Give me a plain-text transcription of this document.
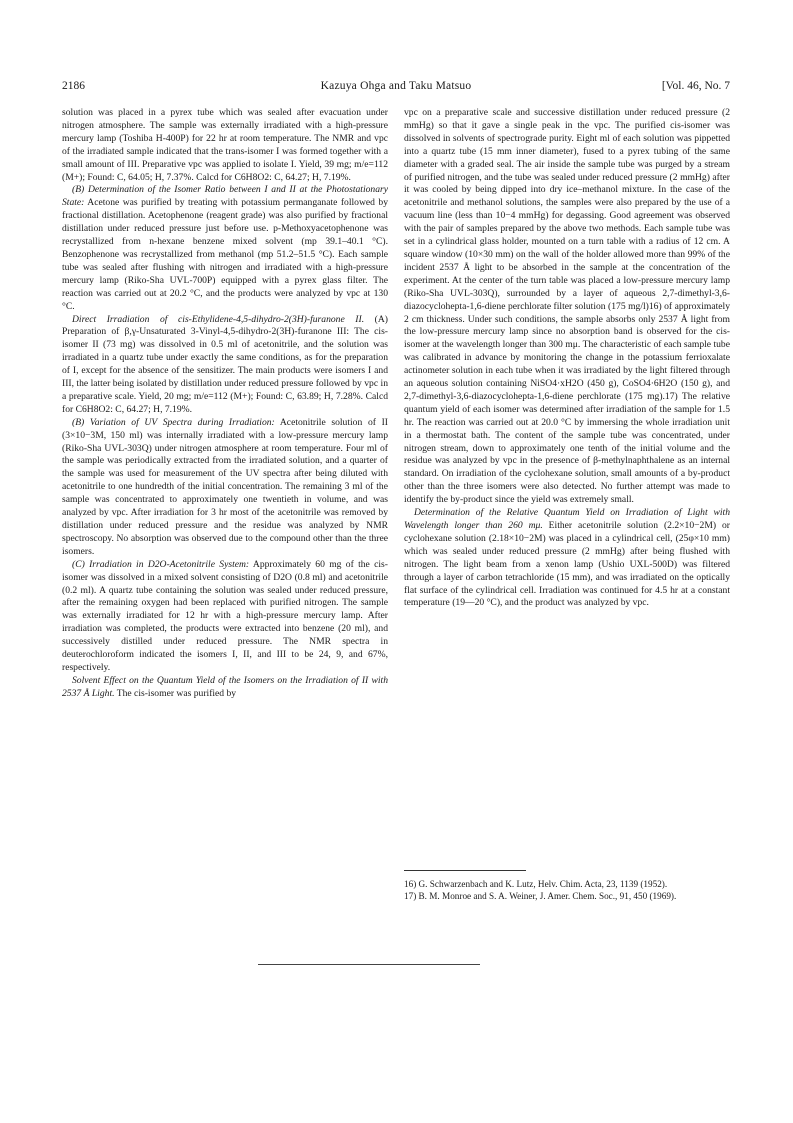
2186	Kazuya Ohga and Taku Matsuo	[Vol. 46, No. 7

solution was placed in a pyrex tube which was sealed after evacuation under nitrogen atmosphere. The sample was externally irradiated with a high-pressure mercury lamp (Toshiba H-400P) for 22 hr at room temperature. The NMR and vpc of the irradiated sample indicated that the trans-isomer I was formed together with a small amount of III. Preparative vpc was applied to isolate I. Yield, 39 mg; m/e=112 (M+); Found: C, 64.05; H, 7.37%. Calcd for C6H8O2: C, 64.27; H, 7.19%.

(B) Determination of the Isomer Ratio between I and II at the Photostationary State: Acetone was purified by treating with potassium permanganate followed by fractional distillation. Acetophenone (reagent grade) was also purified by fractional distillation under reduced pressure just before use. p-Methoxyacetophenone was recrystallized from n-hexane benzene mixed solvent (mp 39.1–40.1 °C). Benzophenone was recrystallized from methanol (mp 51.2–51.5 °C). Each sample tube was sealed after flushing with nitrogen and irradiated with a high-pressure mercury lamp (Riko-Sha UVL-700P) equipped with a pyrex glass filter. The reaction was carried out at 20.2 °C, and the products were analyzed by vpc at 130 °C.

Direct Irradiation of cis-Ethylidene-4,5-dihydro-2(3H)-furanone II. (A) Preparation of β,γ-Unsaturated 3-Vinyl-4,5-dihydro-2(3H)-furanone III: The cis-isomer II (73 mg) was dissolved in 0.5 ml of acetonitrile, and the solution was irradiated in a quartz tube under exactly the same conditions, as for the preparation of I, except for the absence of the sensitizer. The main products were isomers I and III, the latter being isolated by distillation under reduced pressure followed by vpc in a preparative scale. Yield, 20 mg; m/e=112 (M+); Found: C, 63.89; H, 7.28%. Calcd for C6H8O2: C, 64.27; H, 7.19%.

(B) Variation of UV Spectra during Irradiation: Acetonitrile solution of II (3×10−3M, 150 ml) was internally irradiated with a low-pressure mercury lamp (Riko-Sha UVL-303Q) under nitrogen atmosphere at room temperature. Four ml of the sample was periodically extracted from the irradiated solution, and a quarter of the sample was used for measurement of the UV spectra after being diluted with acetonitrile to one hundredth of the initial concentration. The remaining 3 ml of the sample was concentrated to approximately one twentieth in volume, and was analyzed by vpc. After irradiation for 3 hr most of the acetonitrile was removed by distillation under reduced pressure and the residue was analyzed by NMR spectroscopy. No absorption was observed due to the compound other than the three isomers.

(C) Irradiation in D2O-Acetonitrile System: Approximately 60 mg of the cis-isomer was dissolved in a mixed solvent consisting of D2O (0.8 ml) and acetonitrile (0.2 ml). A quartz tube containing the solution was sealed under reduced pressure, after the remaining oxygen had been replaced with purified nitrogen. The sample was externally irradiated for 12 hr with a high-pressure mercury lamp. After irradiation was completed, the products were extracted into benzene (20 ml), and successively distilled under reduced pressure. The NMR spectra in deuterochloroform indicated the isomers I, II, and III to be 24, 9, and 67%, respectively.

Solvent Effect on the Quantum Yield of the Isomers on the Irradiation of II with 2537 Å Light. The cis-isomer was purified by

vpc on a preparative scale and successive distillation under reduced pressure (2 mmHg) so that it gave a single peak in the vpc. The purified cis-isomer was dissolved in solvents of spectrograde purity. Eight ml of each solution was pippetted into a quartz tube (15 mm inner diameter), fused to a pyrex tubing of the same diameter with a graded seal. The air inside the sample tube was purged by a stream of purified nitrogen, and the tube was sealed under reduced pressure (2 mmHg) after it was cooled by being dipped into dry ice–methanol mixture. In the case of the acetonitrile and methanol solutions, the samples were also prepared by the use of a vacuum line (less than 10−4 mmHg) for degassing. Good agreement was observed with the pair of samples prepared by the above two methods. Each sample tube was set in a cylindrical glass holder, mounted on a turn table with a radius of 12 cm. A square window (10×30 mm) on the wall of the holder allowed more than 99% of the incident 2537 Å light to be absorbed in the sample at the concentration of the experiment. At the center of the turn table was placed a low-pressure mercury lamp (Riko-Sha UVL-303Q), surrounded by a layer of aqueous 2,7-dimethyl-3,6-diazocyclohepta-1,6-diene perchlorate filter solution (175 mg/l)16) of approximately 2 cm thickness. Under such conditions, the sample absorbs only 2537 Å light from the low-pressure mercury lamp since no absorption band is observed for the cis-isomer at the wavelength longer than 300 mμ. The characteristic of each sample tube was calibrated in advance by monitoring the change in the potassium ferrioxalate actinometer solution in each tube when it was irradiated by the light filtered through an aqueous solution containing NiSO4·xH2O (450 g), CoSO4·6H2O (150 g), and 2,7-dimethyl-3,6-diazocyclohepta-1,6-diene perchlorate (175 mg).17) The relative quantum yield of each isomer was determined after irradiation of the sample for 1.5 hr. The reaction was carried out at 20.0 °C by immersing the whole irradiation unit in a thermostat bath. The content of the sample tube was concentrated, under nitrogen stream, down to approximately one tenth of the initial volume and the residue was analyzed by vpc in the presence of β-methylnaphthalene as an internal standard. On irradiation of the cyclohexane solution, small amounts of a by-product other than the three isomers were also detected. No further attempt was made to identify the by-product since the yield was extremely small.

Determination of the Relative Quantum Yield on Irradiation of Light with Wavelength longer than 260 mμ. Either acetonitrile solution (2.2×10−2M) or cyclohexane solution (2.18×10−2M) was placed in a cylindrical cell, (25φ×10 mm) which was sealed under reduced pressure (2 mmHg) after being flushed with nitrogen. The light beam from a xenon lamp (Ushio UXL-500D) was filtered through a layer of carbon tetrachloride (15 mm), and was irradiated on the optically flat surface of the cylindrical cell. Irradiation was continued for 4.5 hr at a constant temperature (19—20 °C), and the product was analyzed by vpc.

16) G. Schwarzenbach and K. Lutz, Helv. Chim. Acta, 23, 1139 (1952).
17) B. M. Monroe and S. A. Weiner, J. Amer. Chem. Soc., 91, 450 (1969).
